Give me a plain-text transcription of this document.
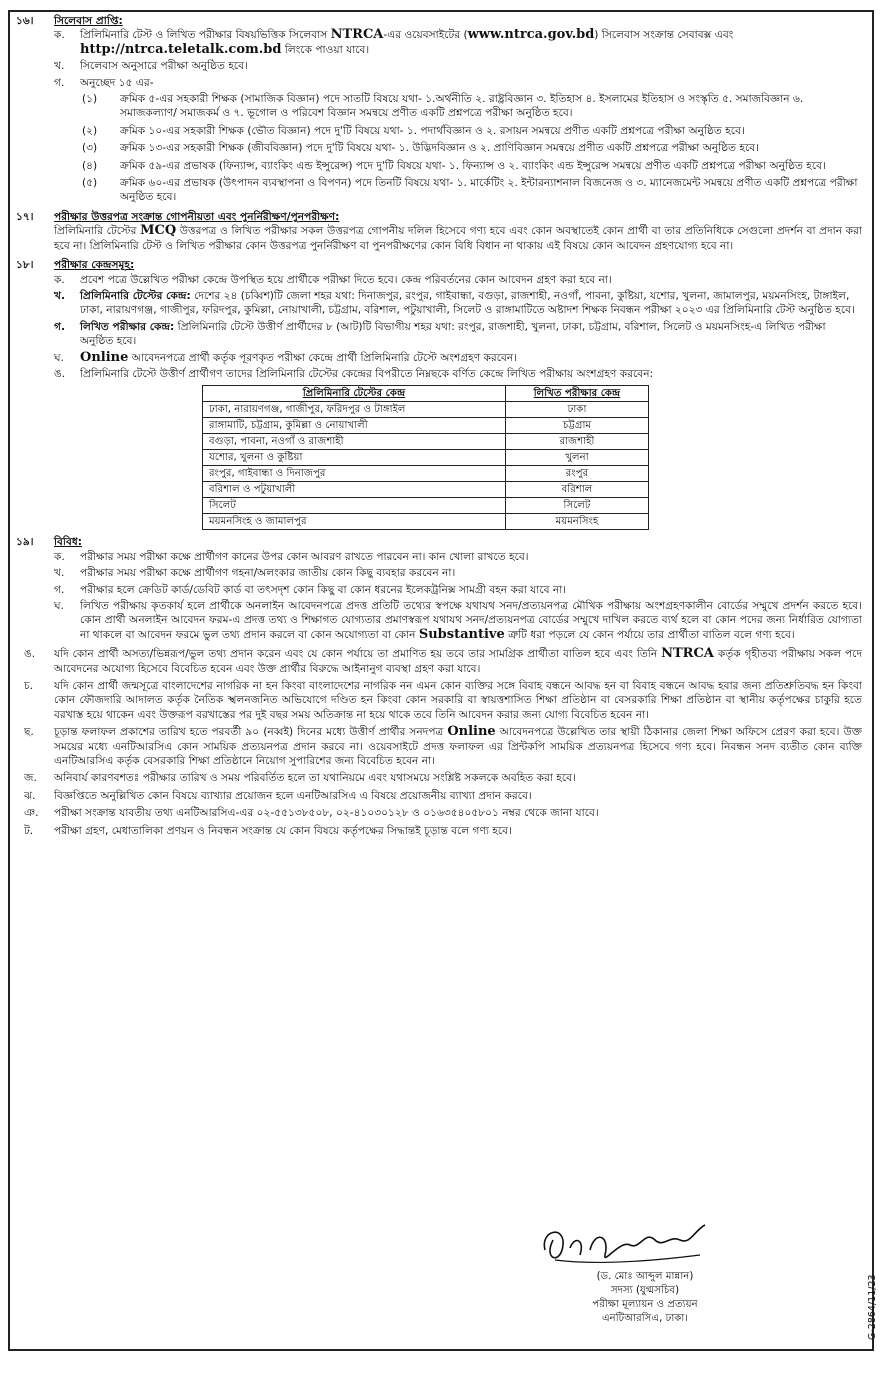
১৬। সিলেবাস প্রাপ্তি:
ক. প্রিলিমিনারি টেস্ট ও লিখিত পরীক্ষার বিষয়ভিত্তিক সিলেবাস NTRCA-এর ওয়েবসাইটের (www.ntrca.gov.bd) সিলেবাস সংক্রান্ত সেবাবক্স এবং http://ntrca.teletalk.com.bd লিংকে পাওয়া যাবে।
খ. সিলেবাস অনুসারে পরীক্ষা অনুষ্ঠিত হবে।
গ. অনুচ্ছেদ ১৫ এর-
(১) ক্রমিক ৫-এর সহকারী শিক্ষক (সামাজিক বিজ্ঞান) পদে সাতটি বিষয়ে যথা- ১.অর্থনীতি ২. রাষ্ট্রবিজ্ঞান ৩. ইতিহাস ৪. ইসলামের ইতিহাস ও সংস্কৃতি ৫. সমাজবিজ্ঞান ৬. সমাজকল্যাণ/ সমাজকর্ম ও ৭. ভূগোল ও পরিবেশ বিজ্ঞান সমন্বয়ে প্রণীত একটি প্রশ্নপত্রে পরীক্ষা অনুষ্ঠিত হবে।
(২) ক্রমিক ১০-এর সহকারী শিক্ষক (ভৌত বিজ্ঞান) পদে দু'টি বিষয়ে যথা- ১. পদার্থবিজ্ঞান ও ২. রসায়ন সমন্বয়ে প্রণীত একটি প্রশ্নপত্রে পরীক্ষা অনুষ্ঠিত হবে।
(৩) ক্রমিক ১৩-এর সহকারী শিক্ষক (জীববিজ্ঞান) পদে দু'টি বিষয়ে যথা- ১. উদ্ভিদবিজ্ঞান ও ২. প্রাণিবিজ্ঞান সমন্বয়ে প্রণীত একটি প্রশ্নপত্রে পরীক্ষা অনুষ্ঠিত হবে।
(৪) ক্রমিক ৫৯-এর প্রভাষক (ফিন্যান্স, ব্যাংকিং এন্ড ইন্সুরেন্স) পদে দু'টি বিষয়ে যথা- ১. ফিন্যান্স ও ২. ব্যাংকিং এন্ড ইন্সুরেন্স সমন্বয়ে প্রণীত একটি প্রশ্নপত্রে পরীক্ষা অনুষ্ঠিত হবে।
(৫) ক্রমিক ৬০-এর প্রভাষক (উৎপাদন ব্যবস্থাপনা ও বিপণন) পদে তিনটি বিষয়ে যথা- ১. মার্কেটিং ২. ইন্টারন্যাশনাল বিজনেজ ও ৩. ম্যানেজমেন্ট সমন্বয়ে প্রণীত একটি প্রশ্নপত্রে পরীক্ষা অনুষ্ঠিত হবে।
১৭। পরীক্ষার উত্তরপত্র সংক্রান্ত গোপনীয়তা এবং পুনর্নিরীক্ষণ/পুনপরীক্ষণ:
প্রিলিমিনারি টেস্টের MCQ উত্তরপত্র ও লিখিত পরীক্ষার সকল উত্তরপত্র গোপনীয় দলিল হিসেবে গণ্য হবে এবং কোন অবস্থাতেই কোন প্রার্থী বা তার প্রতিনিধিকে সেগুলো প্রদর্শন বা প্রদান করা হবে না। প্রিলিমিনারি টেস্ট ও লিখিত পরীক্ষার কোন উত্তরপত্র পুনর্নিরীক্ষণ বা পুনপরীক্ষণের কোন বিধি বিধান না থাকায় এই বিষয়ে কোন আবেদন গ্রহণযোগ্য হবে না।
১৮। পরীক্ষার কেন্দ্রসমূহ:
ক. প্রবেশ পত্রে উল্লেখিত পরীক্ষা কেন্দ্রে উপস্থিত হয়ে প্রার্থীকে পরীক্ষা দিতে হবে। কেন্দ্র পরিবর্তনের কোন আবেদন গ্রহণ করা হবে না।
খ. প্রিলিমিনারি টেস্টের কেন্দ্র: দেশের ২৪ (চব্বিশ)টি জেলা শহর যথা: দিনাজপুর, রংপুর, গাইবান্ধা, বগুড়া, রাজশাহী, নওগাঁ, পাবনা, কুষ্টিয়া, যশোর, খুলনা, জামালপুর, ময়মনসিংহ, টাঙ্গাইল, ঢাকা, নারায়ণগঞ্জ, গাজীপুর, ফরিদপুর, কুমিল্লা, নোয়াখালী, চট্টগ্রাম, বরিশাল, পটুয়াখালী, সিলেট ও রাঙ্গামাটিতে অষ্টাদশ শিক্ষক নিবন্ধন পরীক্ষা ২০২৩ এর প্রিলিমিনারি টেস্ট অনুষ্ঠিত হবে।
গ. লিখিত পরীক্ষার কেন্দ্র: প্রিলিমিনারি টেস্টে উত্তীর্ণ প্রার্থীদের ৮ (আট)টি বিভাগীয় শহর যথা: রংপুর, রাজশাহী, খুলনা, ঢাকা, চট্টগ্রাম, বরিশাল, সিলেট ও ময়মনসিংহ-এ লিখিত পরীক্ষা অনুষ্ঠিত হবে।
ঘ. Online আবেদনপত্রে প্রার্থী কর্তৃক পূরণকৃত পরীক্ষা কেন্দ্রে প্রার্থী প্রিলিমিনারি টেস্টে অংশগ্রহণ করবেন।
ঙ. প্রিলিমিনারি টেস্টে উত্তীর্ণ প্রার্থীগণ তাদের প্রিলিমিনারি টেস্টের কেন্দ্রের বিপরীতে নিম্নছকে বর্ণিত কেন্দ্রে লিখিত পরীক্ষায় অংশগ্রহণ করবেন:
প্রিলিমিনারি টেস্টের কেন্দ্র	লিখিত পরীক্ষার কেন্দ্র
ঢাকা, নারায়ণগঞ্জ, গাজীপুর, ফরিদপুর ও টাঙ্গাইল	ঢাকা
রাঙ্গামাটি, চট্টগ্রাম, কুমিল্লা ও নোয়াখালী	চট্টগ্রাম
বগুড়া, পাবনা, নওগাঁ ও রাজশাহী	রাজশাহী
যশোর, খুলনা ও কুষ্টিয়া	খুলনা
রংপুর, গাইবান্ধা ও দিনাজপুর	রংপুর
বরিশাল ও পটুয়াখালী	বরিশাল
সিলেট	সিলেট
ময়মনসিংহ ও জামালপুর	ময়মনসিংহ
১৯। বিবিধ:
ক. পরীক্ষার সময় পরীক্ষা কক্ষে প্রার্থীগণ কানের উপর কোন আবরণ রাখতে পারবেন না। কান খোলা রাখতে হবে।
খ. পরীক্ষার সময় পরীক্ষা কক্ষে প্রার্থীগণ গহনা/অলংকার জাতীয় কোন কিছু ব্যবহার করবেন না।
গ. পরীক্ষার হলে ক্রেডিট কার্ড/ডেবিট কার্ড বা তৎসদৃশ কোন কিছু বা কোন ধরনের ইলেকট্রনিক্স সামগ্রী বহন করা যাবে না।
ঘ. লিখিত পরীক্ষায় কৃতকার্য হলে প্রার্থীকে অনলাইন আবেদনপত্রে প্রদত্ত প্রতিটি তথ্যের স্বপক্ষে যথাযথ সনদ/প্রত্যয়নপত্র মৌখিক পরীক্ষায় অংশগ্রহণকালীন বোর্ডের সম্মুখে প্রদর্শন করতে হবে। কোন প্রার্থী অনলাইন আবেদন ফরম-এ প্রদত্ত তথ্য ও শিক্ষাগত যোগ্যতার প্রমাণস্বরূপ যথাযথ সনদ/প্রত্যয়নপত্র বোর্ডের সম্মুখে দাখিল করতে ব্যর্থ হলে বা কোন পদের জন্য নির্ধারিত যোগ্যতা না থাকলে বা আবেদন ফরমে ভুল তথ্য প্রদান করলে বা কোন অযোগ্যতা বা কোন Substantive ত্রুটি ধরা পড়লে যে কোন পর্যায়ে তার প্রার্থীতা বাতিল বলে গণ্য হবে।
ঙ. যদি কোন প্রার্থী অসত্য/ভিন্নরূপ/ভুল তথ্য প্রদান করেন এবং যে কোন পর্যায়ে তা প্রমাণিত হয় তবে তার সামগ্রিক প্রার্থীতা বাতিল হবে এবং তিনি NTRCA কর্তৃক গৃহীতব্য পরীক্ষায় সকল পদে আবেদনের অযোগ্য হিসেবে বিবেচিত হবেন এবং উক্ত প্রার্থীর বিরুদ্ধে আইনানুগ ব্যবস্থা গ্রহণ করা যাবে।
চ. যদি কোন প্রার্থী জন্মসূত্রে বাংলাদেশের নাগরিক না হন কিংবা বাংলাদেশের নাগরিক নন এমন কোন ব্যক্তির সঙ্গে বিবাহ বন্ধনে আবদ্ধ হন বা বিবাহ বন্ধনে আবদ্ধ হবার জন্য প্রতিশ্রুতিবদ্ধ হন কিংবা কোন ফৌজদারি আদালত কর্তৃক নৈতিক স্খলনজনিত অভিযোগে দণ্ডিত হন কিংবা কোন সরকারি বা স্বায়ত্তশাসিত শিক্ষা প্রতিষ্ঠান বা বেসরকারি শিক্ষা প্রতিষ্ঠান বা স্থানীয় কর্তৃপক্ষের চাকুরি হতে বরখাস্ত হয়ে থাকেন এবং উক্তরূপ বরখাস্তের পর দুই বছর সময় অতিক্রান্ত না হয়ে থাকে তবে তিনি আবেদন করার জন্য যোগ্য বিবেচিত হবেন না।
ছ. চূড়ান্ত ফলাফল প্রকাশের তারিখ হতে পরবর্তী ৯০ (নব্বই) দিনের মধ্যে উত্তীর্ণ প্রার্থীর সনদপত্র Online আবেদনপত্রে উল্লেখিত তার স্থায়ী ঠিকানার জেলা শিক্ষা অফিসে প্রেরণ করা হবে। উক্ত সময়ের মধ্যে এনটিআরসিএ কোন সাময়িক প্রত্যয়নপত্র প্রদান করবে না। ওয়েবসাইটে প্রদত্ত ফলাফল এর প্রিন্টকপি সাময়িক প্রত্যয়নপত্র হিসেবে গণ্য হবে। নিবন্ধন সনদ ব্যতীত কোন ব্যক্তি এনটিআরসিএ কর্তৃক বেসরকারি শিক্ষা প্রতিষ্ঠানে নিয়োগ সুপারিশের জন্য বিবেচিত হবেন না।
জ. অনিবার্য কারণবশতঃ পরীক্ষার তারিখ ও সময় পরিবর্তিত হলে তা যথানিয়মে এবং যথাসময়ে সংশ্লিষ্ট সকলকে অবহিত করা হবে।
ঝ. বিজ্ঞপ্তিতে অনুল্লিখিত কোন বিষয়ে ব্যাখ্যার প্রয়োজন হলে এনটিআরসিএ এ বিষয়ে প্রয়োজনীয় ব্যাখ্যা প্রদান করবে।
ঞ. পরীক্ষা সংক্রান্ত যাবতীয় তথ্য এনটিআরসিএ-এর ০২-৫৫১৩৮৫০৮, ০২-৪১০৩০১২৮ ও ০১৬৩৫৪০৫৮০১ নম্বর থেকে জানা যাবে।
ট. পরীক্ষা গ্রহণ, মেধাতালিকা প্রণয়ন ও নিবন্ধন সংক্রান্ত যে কোন বিষয়ে কর্তৃপক্ষের সিদ্ধান্তই চূড়ান্ত বলে গণ্য হবে।
(ড. মোঃ আব্দুল মান্নান)
সদস্য (যুগ্মসচিব)
পরীক্ষা মূল্যায়ন ও প্রত্যয়ন
এনটিআরসিএ, ঢাকা।	G-2864/11/23
